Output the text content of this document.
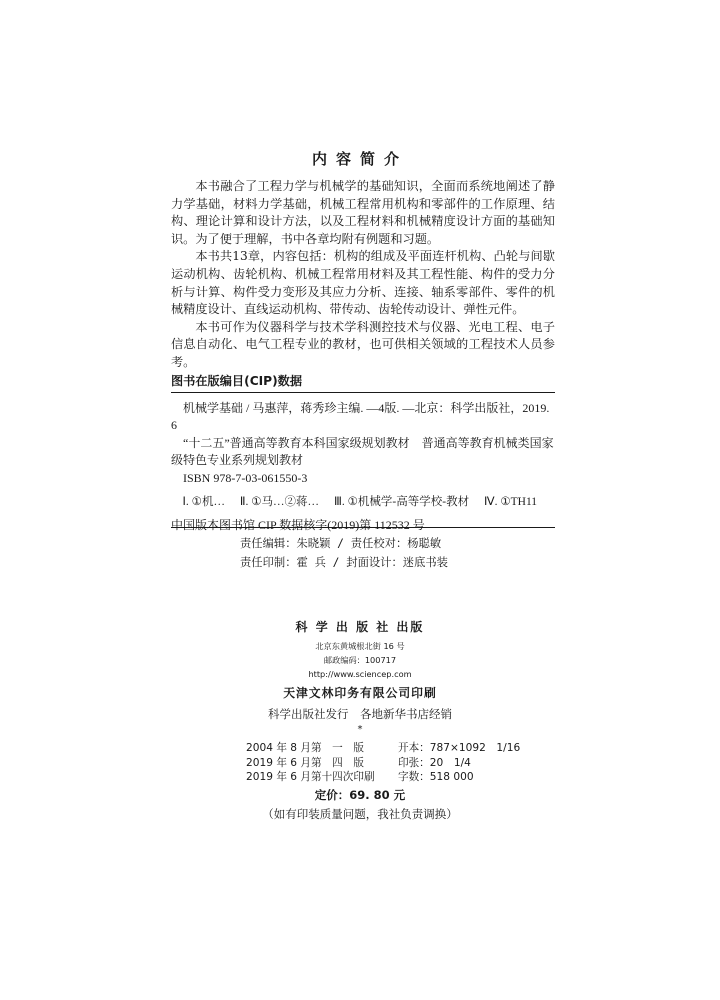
内容简介

本书融合了工程力学与机械学的基础知识，全面而系统地阐述了静力学基础，材料力学基础，机械工程常用机构和零部件的工作原理、结构、理论计算和设计方法，以及工程材料和机械精度设计方面的基础知识。为了便于理解，书中各章均附有例题和习题。

本书共13章，内容包括：机构的组成及平面连杆机构、凸轮与间歇运动机构、齿轮机构、机械工程常用材料及其工程性能、构件的受力分析与计算、构件受力变形及其应力分析、连接、轴系零部件、零件的机械精度设计、直线运动机构、带传动、齿轮传动设计、弹性元件。

本书可作为仪器科学与技术学科测控技术与仪器、光电工程、电子信息自动化、电气工程专业的教材，也可供相关领域的工程技术人员参考。

图书在版编目(CIP)数据

机械学基础 / 马惠萍，蒋秀珍主编. —4版. —北京：科学出版社，2019. 6

“十二五”普通高等教育本科国家级规划教材　普通高等教育机械类国家级特色专业系列规划教材

ISBN 978-7-03-061550-3

Ⅰ. ①机… Ⅱ. ①马…②蒋… Ⅲ. ①机械学-高等学校-教材 Ⅳ. ①TH11

中国版本图书馆 CIP 数据核字(2019)第 112532 号

责任编辑：朱晓颖 / 责任校对：杨聪敏

责任印制：霍 兵 / 封面设计：迷底书装

科 学 出 版 社 出版
北京东黄城根北街 16 号
邮政编码：100717
http://www.sciencep.com
天津文林印务有限公司印刷
科学出版社发行　各地新华书店经销
*
2004 年 8 月第　一　版	开本：787×1092　1/16
2019 年 6 月第　四　版	印张：20　1/4
2019 年 6 月第十四次印刷 字数：518 000
定价：69. 80 元
（如有印装质量问题，我社负责调换）
